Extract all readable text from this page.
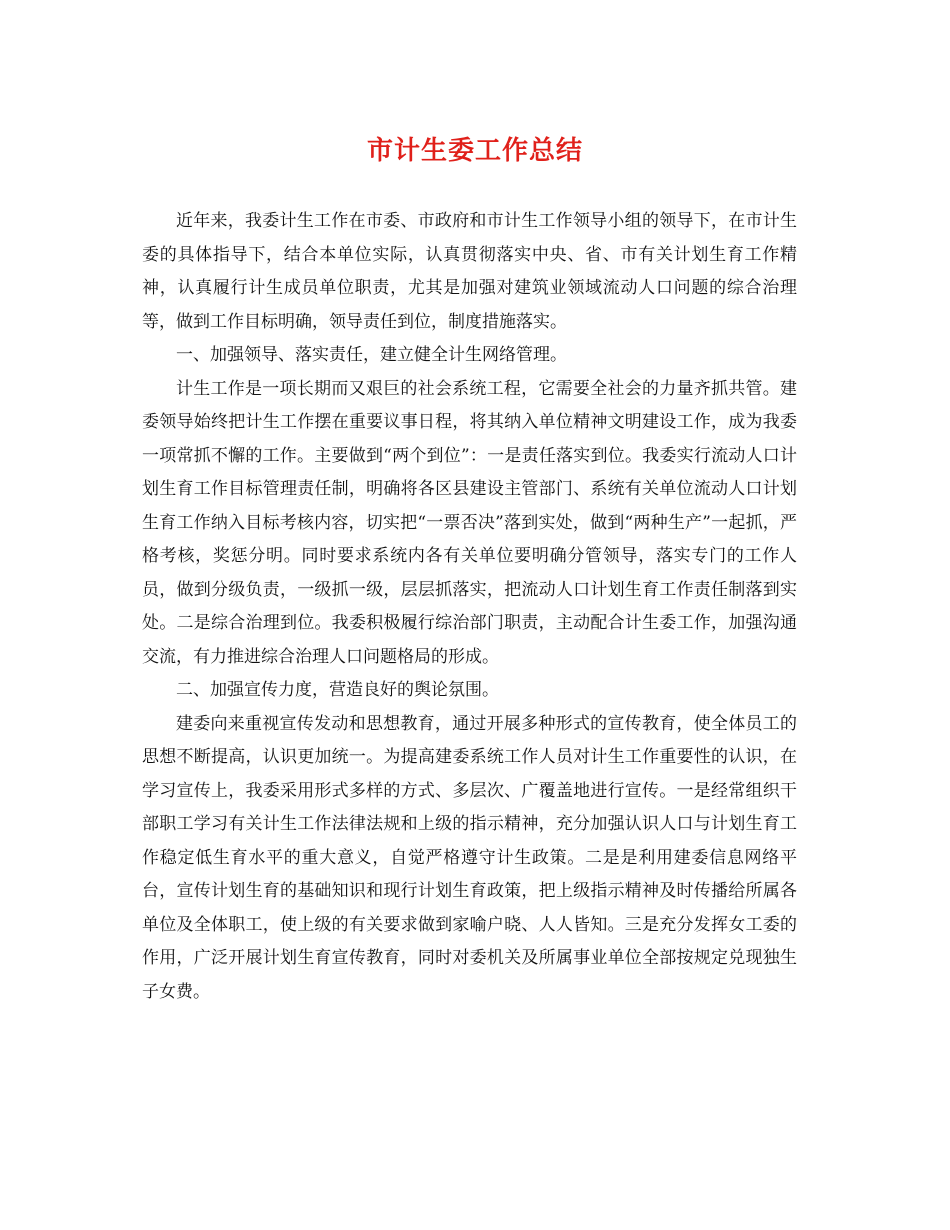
市计生委工作总结

近年来，我委计生工作在市委、市政府和市计生工作领导小组的领导下，在市计生委的具体指导下，结合本单位实际，认真贯彻落实中央、省、市有关计划生育工作精神，认真履行计生成员单位职责，尤其是加强对建筑业领域流动人口问题的综合治理等，做到工作目标明确，领导责任到位，制度措施落实。

一、加强领导、落实责任，建立健全计生网络管理。

计生工作是一项长期而又艰巨的社会系统工程，它需要全社会的力量齐抓共管。建委领导始终把计生工作摆在重要议事日程，将其纳入单位精神文明建设工作，成为我委一项常抓不懈的工作。主要做到“两个到位”：一是责任落实到位。我委实行流动人口计划生育工作目标管理责任制，明确将各区县建设主管部门、系统有关单位流动人口计划生育工作纳入目标考核内容，切实把“一票否决”落到实处，做到“两种生产”一起抓，严格考核，奖惩分明。同时要求系统内各有关单位要明确分管领导，落实专门的工作人员，做到分级负责，一级抓一级，层层抓落实，把流动人口计划生育工作责任制落到实处。二是综合治理到位。我委积极履行综治部门职责，主动配合计生委工作，加强沟通交流，有力推进综合治理人口问题格局的形成。

二、加强宣传力度，营造良好的舆论氛围。

建委向来重视宣传发动和思想教育，通过开展多种形式的宣传教育，使全体员工的思想不断提高，认识更加统一。为提高建委系统工作人员对计生工作重要性的认识，在学习宣传上，我委采用形式多样的方式、多层次、广覆盖地进行宣传。一是经常组织干部职工学习有关计生工作法律法规和上级的指示精神，充分加强认识人口与计划生育工作稳定低生育水平的重大意义，自觉严格遵守计生政策。二是是利用建委信息网络平台，宣传计划生育的基础知识和现行计划生育政策，把上级指示精神及时传播给所属各单位及全体职工，使上级的有关要求做到家喻户晓、人人皆知。三是充分发挥女工委的作用，广泛开展计划生育宣传教育，同时对委机关及所属事业单位全部按规定兑现独生子女费。
